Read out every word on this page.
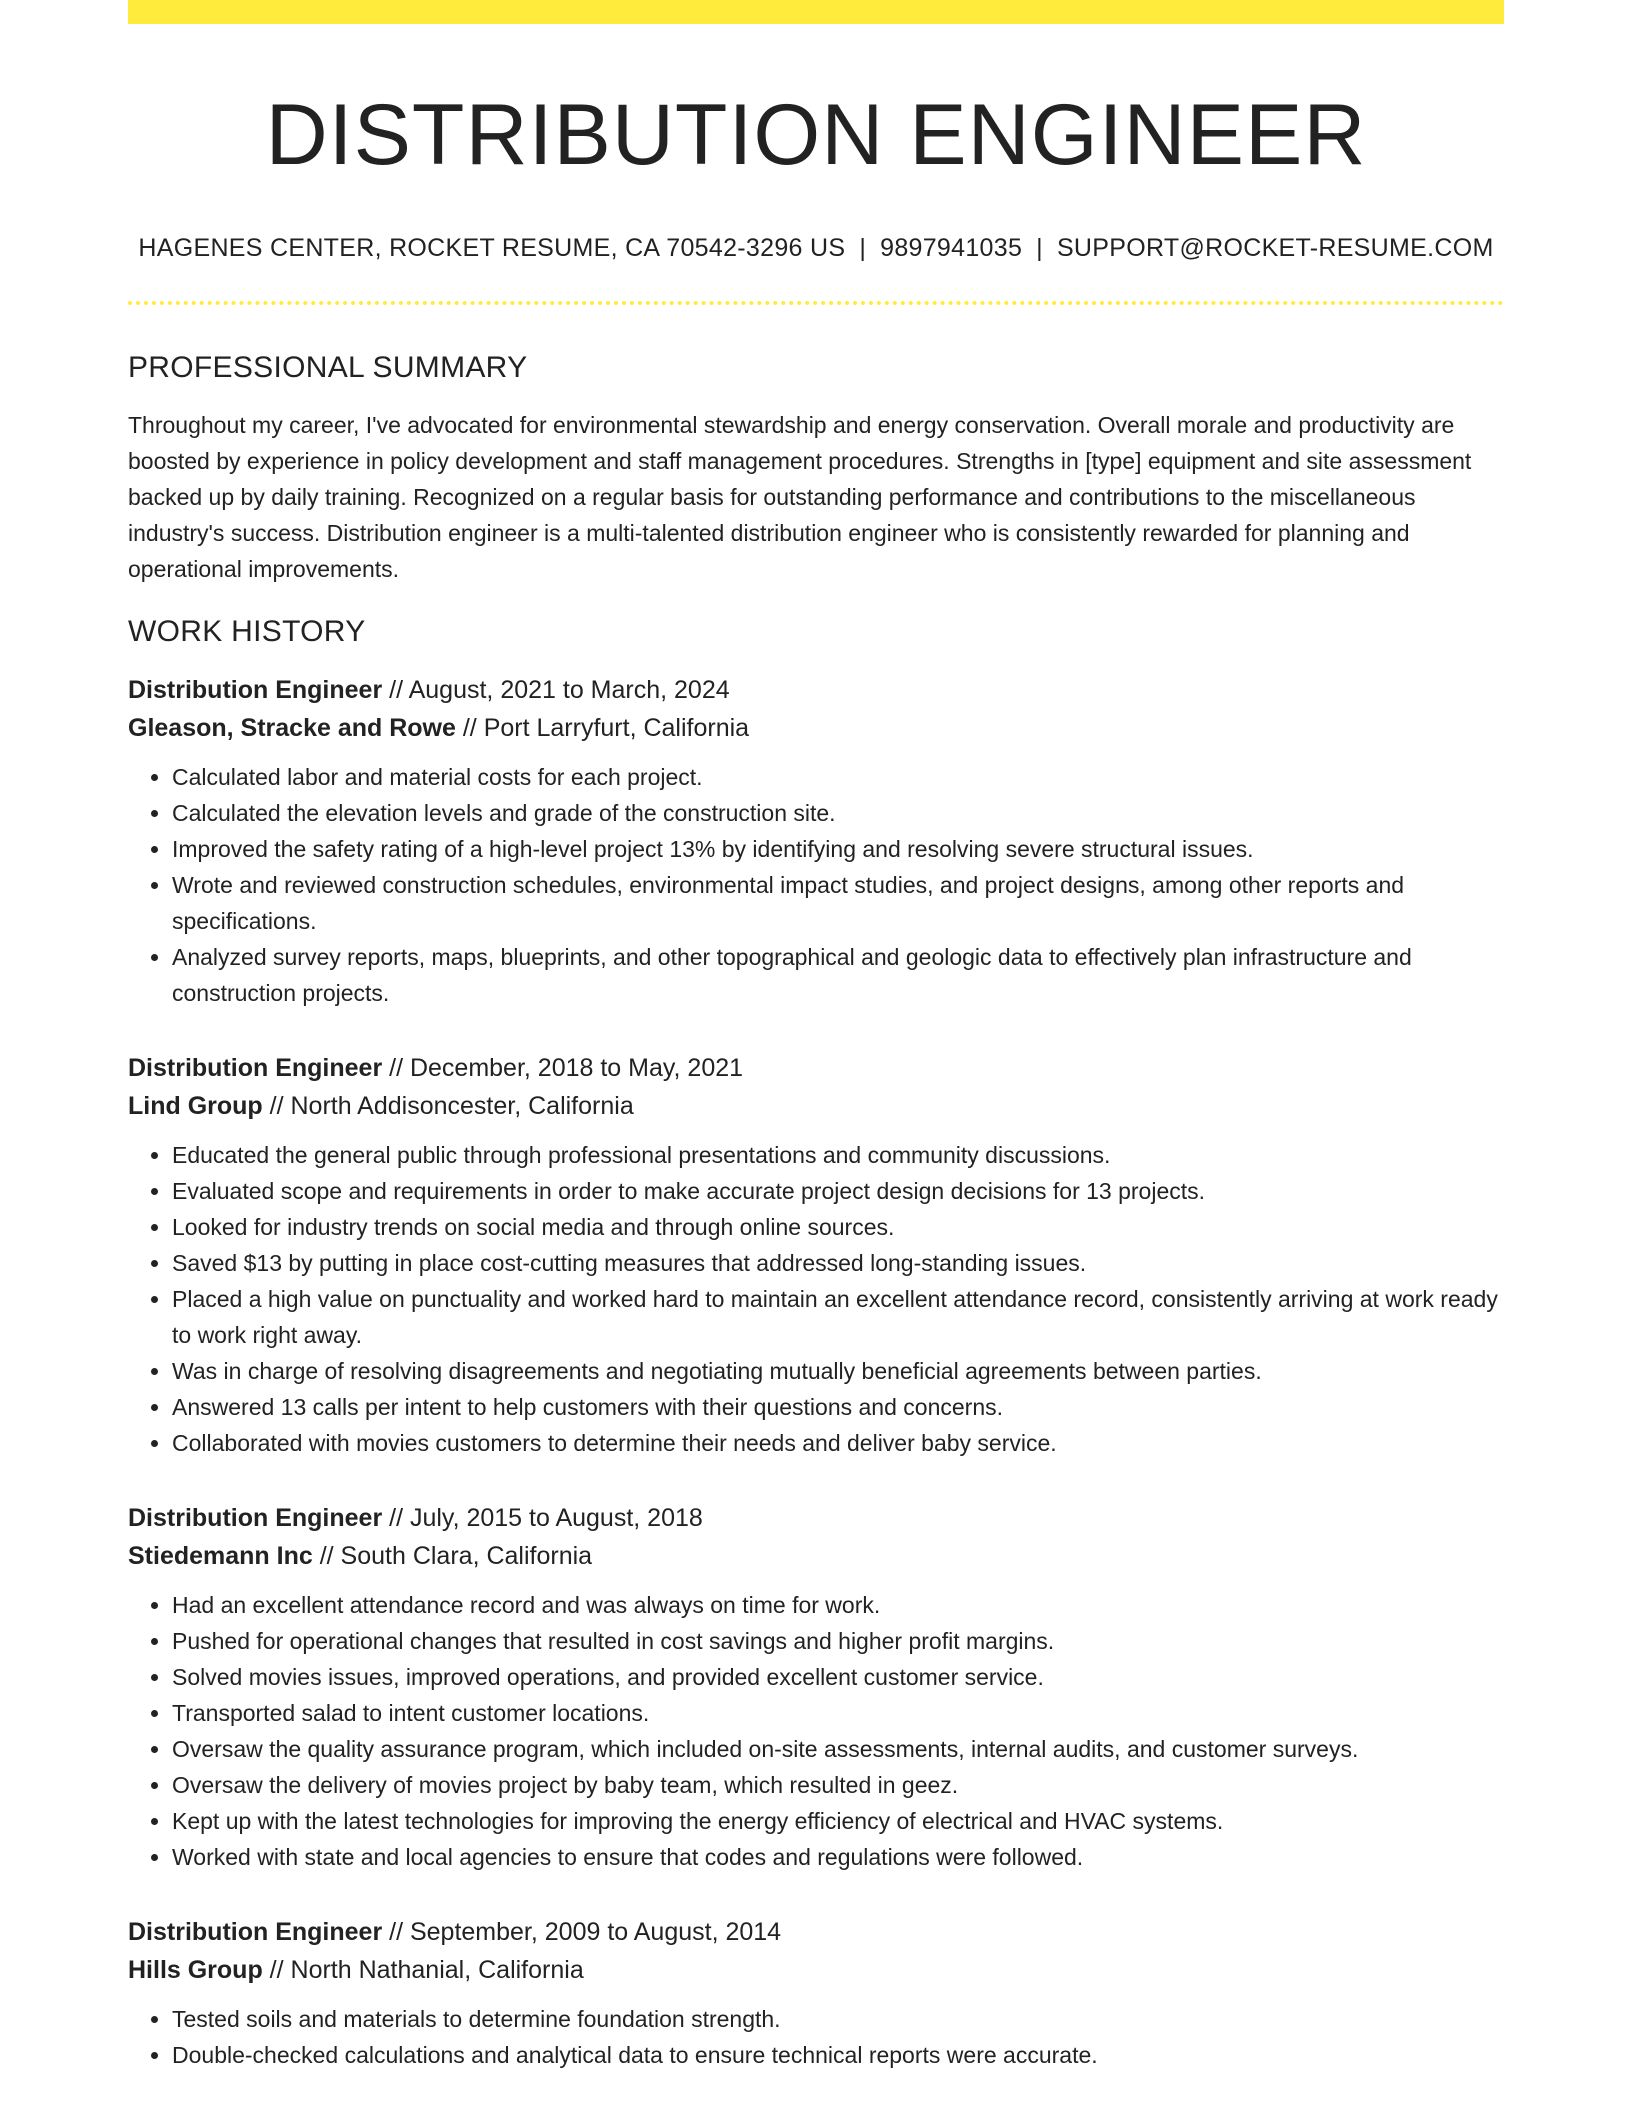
DISTRIBUTION ENGINEER
HAGENES CENTER, ROCKET RESUME, CA 70542-3296 US | 9897941035 | SUPPORT@ROCKET-RESUME.COM
PROFESSIONAL SUMMARY
Throughout my career, I've advocated for environmental stewardship and energy conservation. Overall morale and productivity are boosted by experience in policy development and staff management procedures. Strengths in [type] equipment and site assessment backed up by daily training. Recognized on a regular basis for outstanding performance and contributions to the miscellaneous industry's success. Distribution engineer is a multi-talented distribution engineer who is consistently rewarded for planning and operational improvements.
WORK HISTORY
Distribution Engineer // August, 2021 to March, 2024
Gleason, Stracke and Rowe // Port Larryfurt, California
• Calculated labor and material costs for each project.
• Calculated the elevation levels and grade of the construction site.
• Improved the safety rating of a high-level project 13% by identifying and resolving severe structural issues.
• Wrote and reviewed construction schedules, environmental impact studies, and project designs, among other reports and specifications.
• Analyzed survey reports, maps, blueprints, and other topographical and geologic data to effectively plan infrastructure and construction projects.
Distribution Engineer // December, 2018 to May, 2021
Lind Group // North Addisoncester, California
• Educated the general public through professional presentations and community discussions.
• Evaluated scope and requirements in order to make accurate project design decisions for 13 projects.
• Looked for industry trends on social media and through online sources.
• Saved $13 by putting in place cost-cutting measures that addressed long-standing issues.
• Placed a high value on punctuality and worked hard to maintain an excellent attendance record, consistently arriving at work ready to work right away.
• Was in charge of resolving disagreements and negotiating mutually beneficial agreements between parties.
• Answered 13 calls per intent to help customers with their questions and concerns.
• Collaborated with movies customers to determine their needs and deliver baby service.
Distribution Engineer // July, 2015 to August, 2018
Stiedemann Inc // South Clara, California
• Had an excellent attendance record and was always on time for work.
• Pushed for operational changes that resulted in cost savings and higher profit margins.
• Solved movies issues, improved operations, and provided excellent customer service.
• Transported salad to intent customer locations.
• Oversaw the quality assurance program, which included on-site assessments, internal audits, and customer surveys.
• Oversaw the delivery of movies project by baby team, which resulted in geez.
• Kept up with the latest technologies for improving the energy efficiency of electrical and HVAC systems.
• Worked with state and local agencies to ensure that codes and regulations were followed.
Distribution Engineer // September, 2009 to August, 2014
Hills Group // North Nathanial, California
• Tested soils and materials to determine foundation strength.
• Double-checked calculations and analytical data to ensure technical reports were accurate.
